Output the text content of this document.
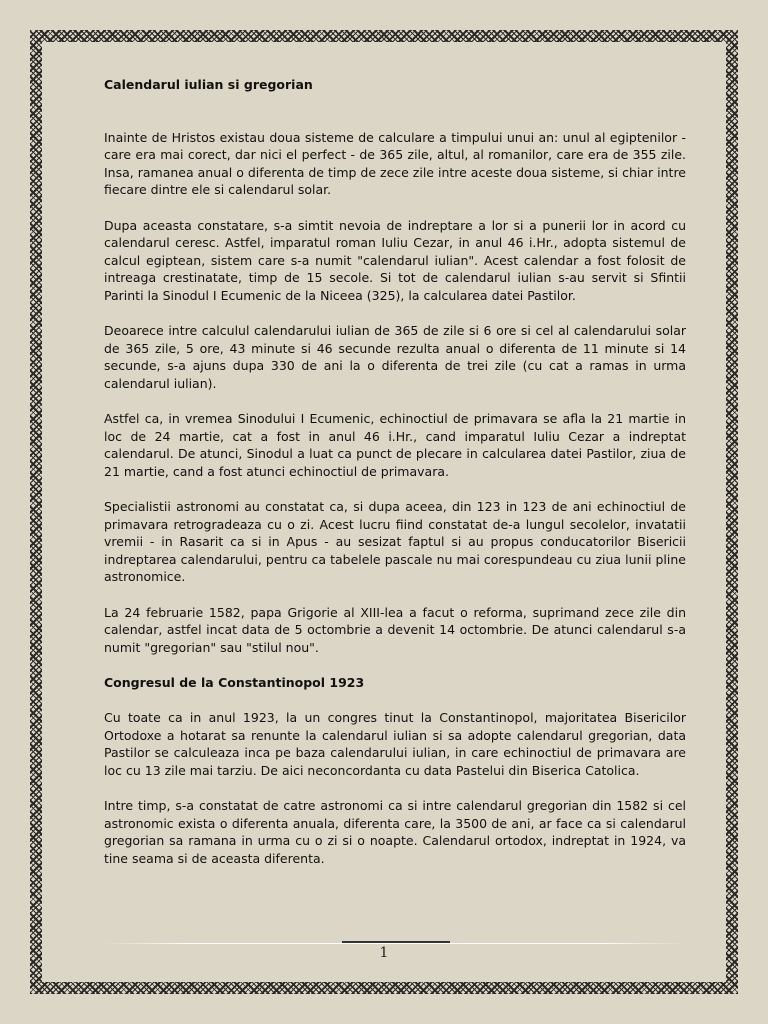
Calendarul iulian si gregorian

Inainte de Hristos existau doua sisteme de calculare a timpului unui an: unul al egiptenilor - care era mai corect, dar nici el perfect - de 365 zile, altul, al romanilor, care era de 355 zile. Insa, ramanea anual o diferenta de timp de zece zile intre aceste doua sisteme, si chiar intre fiecare dintre ele si calendarul solar.

Dupa aceasta constatare, s-a simtit nevoia de indreptare a lor si a punerii lor in acord cu calendarul ceresc. Astfel, imparatul roman Iuliu Cezar, in anul 46 i.Hr., adopta sistemul de calcul egiptean, sistem care s-a numit "calendarul iulian". Acest calendar a fost folosit de intreaga crestinatate, timp de 15 secole. Si tot de calendarul iulian s-au servit si Sfintii Parinti la Sinodul I Ecumenic de la Niceea (325), la calcularea datei Pastilor.

Deoarece intre calculul calendarului iulian de 365 de zile si 6 ore si cel al calendarului solar de 365 zile, 5 ore, 43 minute si 46 secunde rezulta anual o diferenta de 11 minute si 14 secunde, s-a ajuns dupa 330 de ani la o diferenta de trei zile (cu cat a ramas in urma calendarul iulian).

Astfel ca, in vremea Sinodului I Ecumenic, echinoctiul de primavara se afla la 21 martie in loc de 24 martie, cat a fost in anul 46 i.Hr., cand imparatul Iuliu Cezar a indreptat calendarul. De atunci, Sinodul a luat ca punct de plecare in calcularea datei Pastilor, ziua de 21 martie, cand a fost atunci echinoctiul de primavara.

Specialistii astronomi au constatat ca, si dupa aceea, din 123 in 123 de ani echinoctiul de primavara retrogradeaza cu o zi. Acest lucru fiind constatat de-a lungul secolelor, invatatii vremii - in Rasarit ca si in Apus - au sesizat faptul si au propus conducatorilor Bisericii indreptarea calendarului, pentru ca tabelele pascale nu mai corespundeau cu ziua lunii pline astronomice.

La 24 februarie 1582, papa Grigorie al XIII-lea a facut o reforma, suprimand zece zile din calendar, astfel incat data de 5 octombrie a devenit 14 octombrie. De atunci calendarul s-a numit "gregorian" sau "stilul nou".

Congresul de la Constantinopol 1923

Cu toate ca in anul 1923, la un congres tinut la Constantinopol, majoritatea Bisericilor Ortodoxe a hotarat sa renunte la calendarul iulian si sa adopte calendarul gregorian, data Pastilor se calculeaza inca pe baza calendarului iulian, in care echinoctiul de primavara are loc cu 13 zile mai tarziu. De aici neconcordanta cu data Pastelui din Biserica Catolica.

Intre timp, s-a constatat de catre astronomi ca si intre calendarul gregorian din 1582 si cel astronomic exista o diferenta anuala, diferenta care, la 3500 de ani, ar face ca si calendarul gregorian sa ramana in urma cu o zi si o noapte. Calendarul ortodox, indreptat in 1924, va tine seama si de aceasta diferenta.

1
